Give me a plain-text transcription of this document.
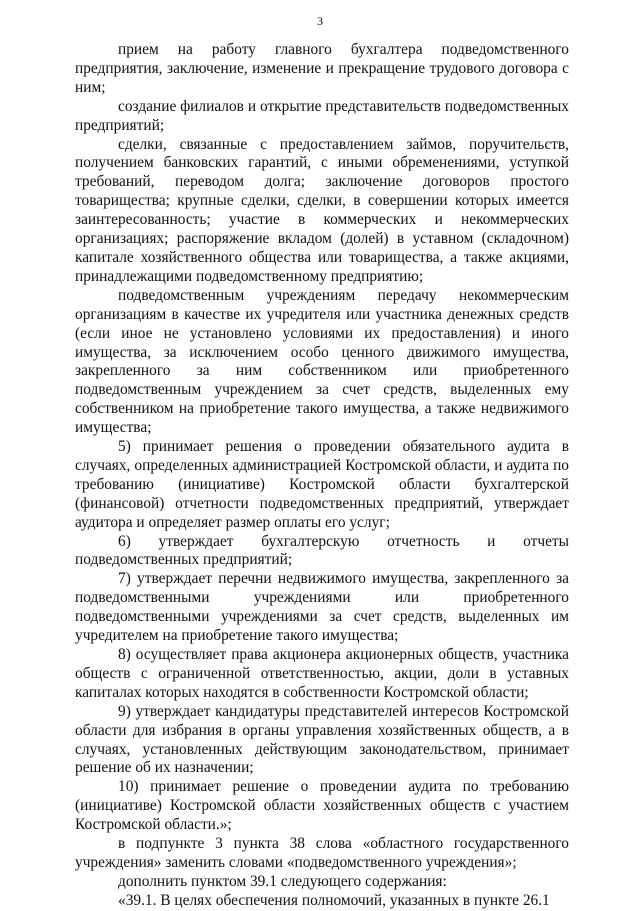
3

прием на работу главного бухгалтера подведомственного предприятия, заключение, изменение и прекращение трудового договора с ним;

создание филиалов и открытие представительств подведомственных предприятий;

сделки, связанные с предоставлением займов, поручительств, получением банковских гарантий, с иными обременениями, уступкой требований, переводом долга; заключение договоров простого товарищества; крупные сделки, сделки, в совершении которых имеется заинтересованность; участие в коммерческих и некоммерческих организациях; распоряжение вкладом (долей) в уставном (складочном) капитале хозяйственного общества или товарищества, а также акциями, принадлежащими подведомственному предприятию;

подведомственным учреждениям передачу некоммерческим организациям в качестве их учредителя или участника денежных средств (если иное не установлено условиями их предоставления) и иного имущества, за исключением особо ценного движимого имущества, закрепленного за ним собственником или приобретенного подведомственным учреждением за счет средств, выделенных ему собственником на приобретение такого имущества, а также недвижимого имущества;

5) принимает решения о проведении обязательного аудита в случаях, определенных администрацией Костромской области, и аудита по требованию (инициативе) Костромской области бухгалтерской (финансовой) отчетности подведомственных предприятий, утверждает аудитора и определяет размер оплаты его услуг;

6) утверждает бухгалтерскую отчетность и отчеты подведомственных предприятий;

7) утверждает перечни недвижимого имущества, закрепленного за подведомственными учреждениями или приобретенного подведомственными учреждениями за счет средств, выделенных им учредителем на приобретение такого имущества;

8) осуществляет права акционера акционерных обществ, участника обществ с ограниченной ответственностью, акции, доли в уставных капиталах которых находятся в собственности Костромской области;

9) утверждает кандидатуры представителей интересов Костромской области для избрания в органы управления хозяйственных обществ, а в случаях, установленных действующим законодательством, принимает решение об их назначении;

10) принимает решение о проведении аудита по требованию (инициативе) Костромской области хозяйственных обществ с участием Костромской области.»;

в подпункте 3 пункта 38 слова «областного государственного учреждения» заменить словами «подведомственного учреждения»;

дополнить пунктом 39.1 следующего содержания:

«39.1. В целях обеспечения полномочий, указанных в пункте 26.1
